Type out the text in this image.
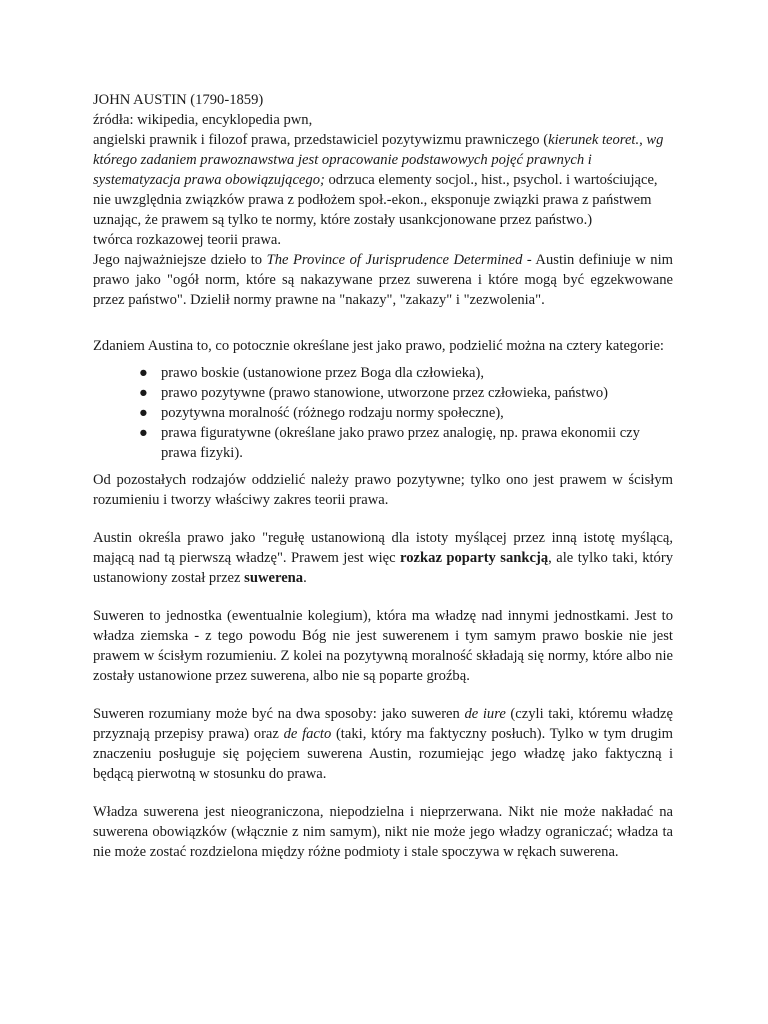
JOHN AUSTIN (1790-1859)
źródła: wikipedia, encyklopedia pwn,
angielski prawnik i filozof prawa, przedstawiciel pozytywizmu prawniczego (kierunek teoret., wg którego zadaniem prawoznawstwa jest opracowanie podstawowych pojęć prawnych i systematyzacja prawa obowiązującego; odrzuca elementy socjol., hist., psychol. i wartościujące, nie uwzględnia związków prawa z podłożem społ.-ekon., eksponuje związki prawa z państwem uznając, że prawem są tylko te normy, które zostały usankcjonowane przez państwo.)
twórca rozkazowej teorii prawa.
Jego najważniejsze dzieło to The Province of Jurisprudence Determined - Austin definiuje w nim prawo jako "ogół norm, które są nakazywane przez suwerena i które mogą być egzekwowane przez państwo". Dzielił normy prawne na "nakazy", "zakazy" i "zezwolenia".
Zdaniem Austina to, co potocznie określane jest jako prawo, podzielić można na cztery kategorie:
● prawo boskie (ustanowione przez Boga dla człowieka),
● prawo pozytywne (prawo stanowione, utworzone przez człowieka, państwo)
● pozytywna moralność (różnego rodzaju normy społeczne),
● prawa figuratywne (określane jako prawo przez analogię, np. prawa ekonomii czy prawa fizyki).
Od pozostałych rodzajów oddzielić należy prawo pozytywne; tylko ono jest prawem w ścisłym rozumieniu i tworzy właściwy zakres teorii prawa.
Austin określa prawo jako "regułę ustanowioną dla istoty myślącej przez inną istotę myślącą, mającą nad tą pierwszą władzę". Prawem jest więc rozkaz poparty sankcją, ale tylko taki, który ustanowiony został przez suwerena.
Suweren to jednostka (ewentualnie kolegium), która ma władzę nad innymi jednostkami. Jest to władza ziemska - z tego powodu Bóg nie jest suwerenem i tym samym prawo boskie nie jest prawem w ścisłym rozumieniu. Z kolei na pozytywną moralność składają się normy, które albo nie zostały ustanowione przez suwerena, albo nie są poparte groźbą.
Suweren rozumiany może być na dwa sposoby: jako suweren de iure (czyli taki, któremu władzę przyznają przepisy prawa) oraz de facto (taki, który ma faktyczny posłuch). Tylko w tym drugim znaczeniu posługuje się pojęciem suwerena Austin, rozumiejąc jego władzę jako faktyczną i będącą pierwotną w stosunku do prawa.
Władza suwerena jest nieograniczona, niepodzielna i nieprzerwana. Nikt nie może nakładać na suwerena obowiązków (włącznie z nim samym), nikt nie może jego władzy ograniczać; władza ta nie może zostać rozdzielona między różne podmioty i stale spoczywa w rękach suwerena.
